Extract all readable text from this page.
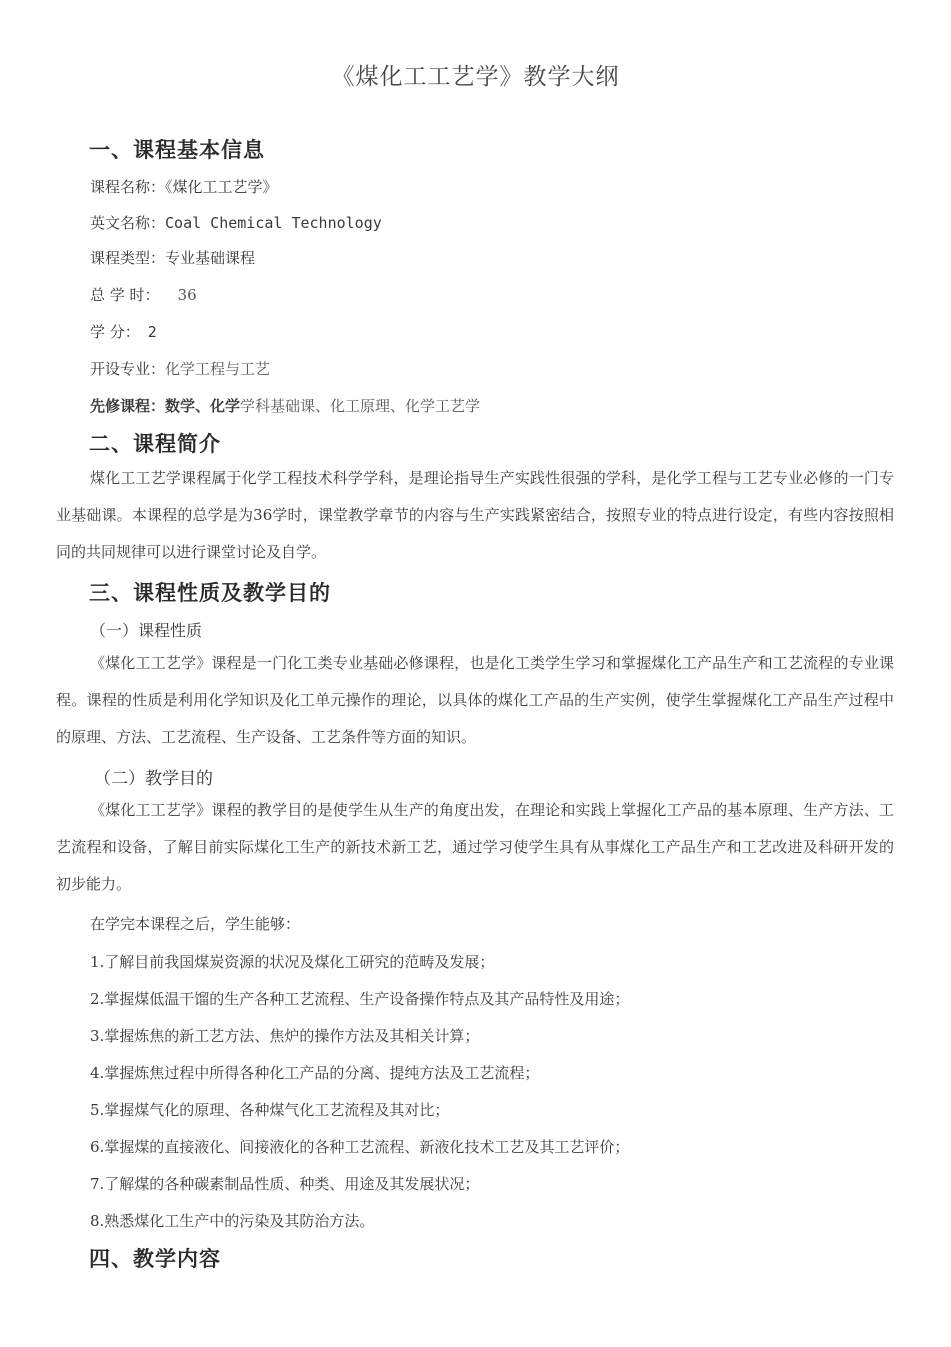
《煤化工工艺学》教学大纲
一、课程基本信息
课程名称：《煤化工工艺学》
英文名称：Coal Chemical Technology
课程类型：专业基础课程
总 学 时： 36
学 分： 2
开设专业：化学工程与工艺
先修课程：数学、化学学科基础课、化工原理、化学工艺学
二、课程简介
煤化工工艺学课程属于化学工程技术科学学科，是理论指导生产实践性很强的学科，是化学工程与工艺专业必修的一门专业基础课。本课程的总学是为36学时，课堂教学章节的内容与生产实践紧密结合，按照专业的特点进行设定，有些内容按照相同的共同规律可以进行课堂讨论及自学。
三、课程性质及教学目的
（一）课程性质
《煤化工工艺学》课程是一门化工类专业基础必修课程，也是化工类学生学习和掌握煤化工产品生产和工艺流程的专业课程。课程的性质是利用化学知识及化工单元操作的理论，以具体的煤化工产品的生产实例，使学生掌握煤化工产品生产过程中的原理、方法、工艺流程、生产设备、工艺条件等方面的知识。
（二）教学目的
《煤化工工艺学》课程的教学目的是使学生从生产的角度出发，在理论和实践上掌握化工产品的基本原理、生产方法、工艺流程和设备，了解目前实际煤化工生产的新技术新工艺，通过学习使学生具有从事煤化工产品生产和工艺改进及科研开发的初步能力。
在学完本课程之后，学生能够：
1.了解目前我国煤炭资源的状况及煤化工研究的范畴及发展；
2.掌握煤低温干馏的生产各种工艺流程、生产设备操作特点及其产品特性及用途；
3.掌握炼焦的新工艺方法、焦炉的操作方法及其相关计算；
4.掌握炼焦过程中所得各种化工产品的分离、提纯方法及工艺流程；
5.掌握煤气化的原理、各种煤气化工艺流程及其对比；
6.掌握煤的直接液化、间接液化的各种工艺流程、新液化技术工艺及其工艺评价；
7.了解煤的各种碳素制品性质、种类、用途及其发展状况；
8.熟悉煤化工生产中的污染及其防治方法。
四、教学内容
